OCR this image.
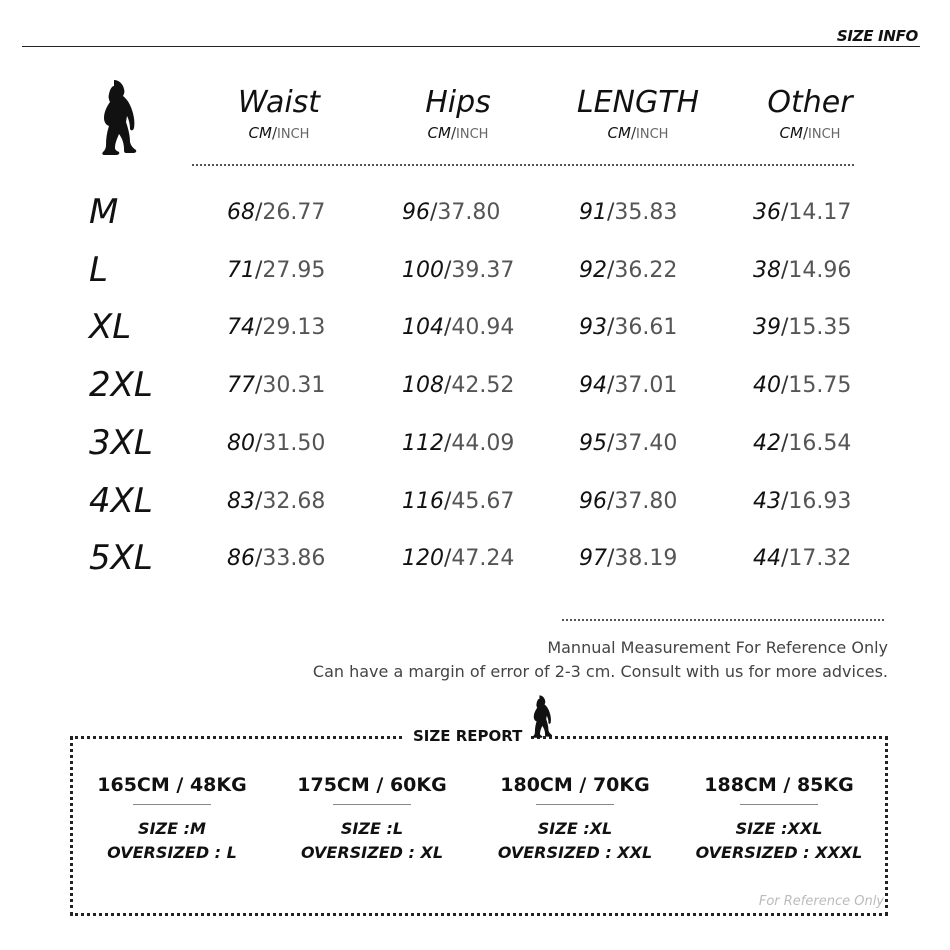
SIZE INFO
Waist
CM/INCH
Hips
CM/INCH
LENGTH
CM/INCH
Other
CM/INCH
M	68/26.77	96/37.80	91/35.83	36/14.17
L	71/27.95	100/39.37	92/36.22	38/14.96
XL	74/29.13	104/40.94	93/36.61	39/15.35
2XL	77/30.31	108/42.52	94/37.01	40/15.75
3XL	80/31.50	112/44.09	95/37.40	42/16.54
4XL	83/32.68	116/45.67	96/37.80	43/16.93
5XL	86/33.86	120/47.24	97/38.19	44/17.32
Mannual Measurement For Reference Only
Can have a margin of error of 2-3 cm. Consult with us for more advices.
SIZE REPORT
165CM / 48KG
SIZE :M
OVERSIZED : L
175CM / 60KG
SIZE :L
OVERSIZED : XL
180CM / 70KG
SIZE :XL
OVERSIZED : XXL
188CM / 85KG
SIZE :XXL
OVERSIZED : XXXL
For Reference Only
